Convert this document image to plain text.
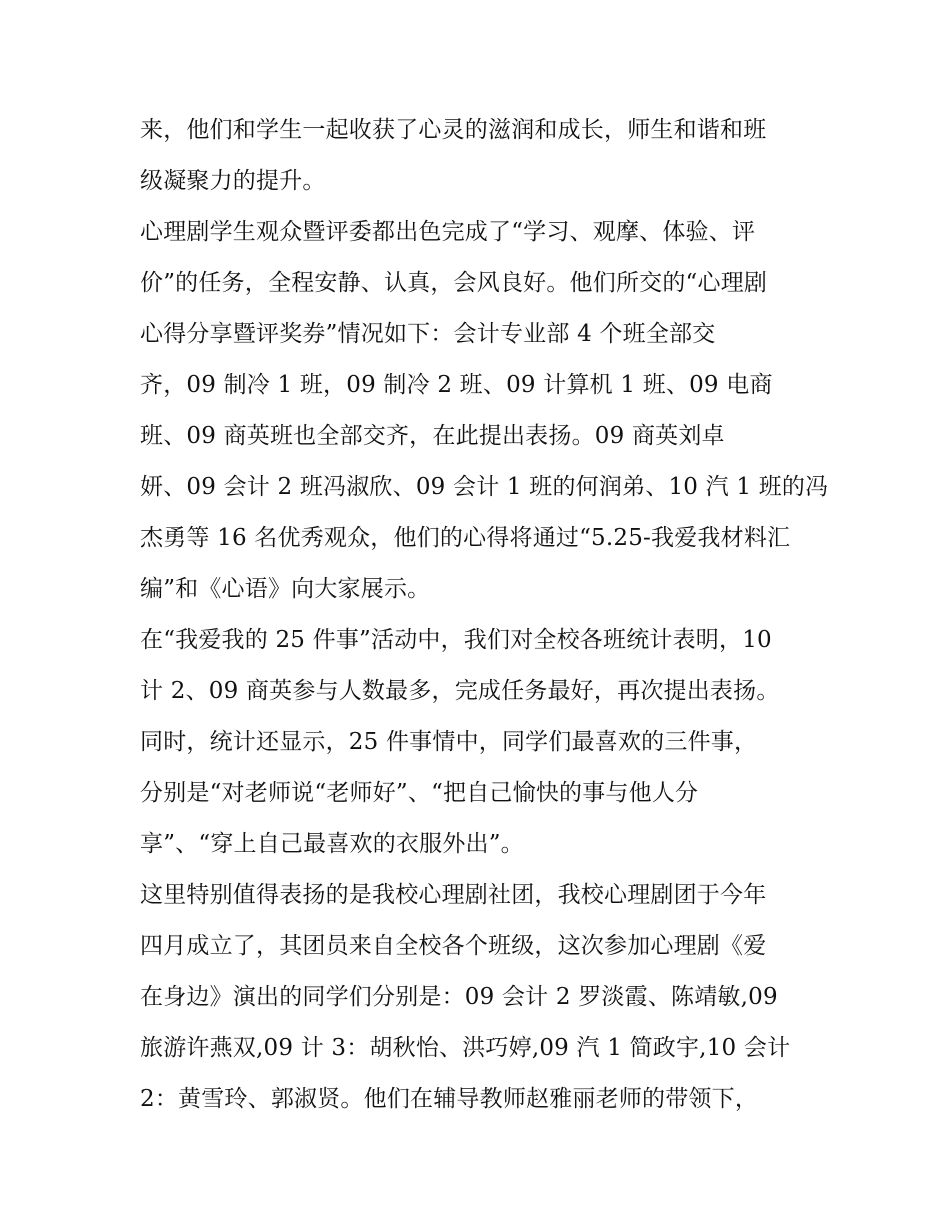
来，他们和学生一起收获了心灵的滋润和成长，师生和谐和班
级凝聚力的提升。
心理剧学生观众暨评委都出色完成了“学习、观摩、体验、评
价”的任务，全程安静、认真，会风良好。他们所交的“心理剧
心得分享暨评奖券”情况如下：会计专业部 4 个班全部交
齐，09 制冷 1 班，09 制冷 2 班、09 计算机 1 班、09 电商
班、09 商英班也全部交齐，在此提出表扬。09 商英刘卓
妍、09 会计 2 班冯淑欣、09 会计 1 班的何润弟、10 汽 1 班的冯
杰勇等 16 名优秀观众，他们的心得将通过“5.25-我爱我材料汇
编”和《心语》向大家展示。
在“我爱我的 25 件事”活动中，我们对全校各班统计表明，10
计 2、09 商英参与人数最多，完成任务最好，再次提出表扬。
同时，统计还显示，25 件事情中，同学们最喜欢的三件事，
分别是“对老师说“老师好”、“把自己愉快的事与他人分
享”、“穿上自己最喜欢的衣服外出”。
这里特别值得表扬的是我校心理剧社团，我校心理剧团于今年
四月成立了，其团员来自全校各个班级，这次参加心理剧《爱
在身边》演出的同学们分别是：09 会计 2 罗淡霞、陈靖敏,09
旅游许燕双,09 计 3：胡秋怡、洪巧婷,09 汽 1 简政宇,10 会计
2：黄雪玲、郭淑贤。他们在辅导教师赵雅丽老师的带领下，
